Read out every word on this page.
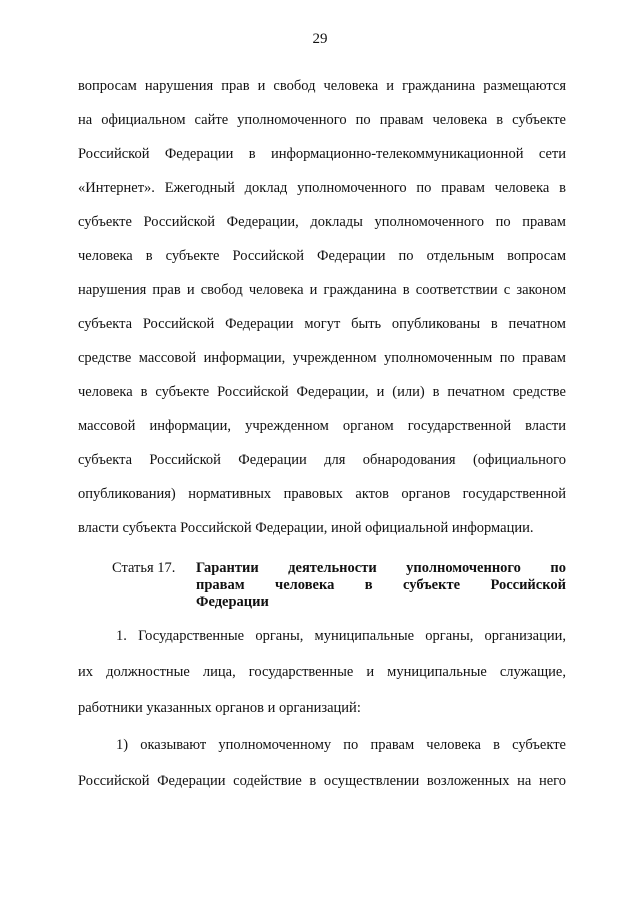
29
вопросам нарушения прав и свобод человека и гражданина размещаются
на официальном сайте уполномоченного по правам человека в субъекте
Российской Федерации в информационно-телекоммуникационной сети
«Интернет». Ежегодный доклад уполномоченного по правам человека в
субъекте Российской Федерации, доклады уполномоченного по правам
человека в субъекте Российской Федерации по отдельным вопросам
нарушения прав и свобод человека и гражданина в соответствии с законом
субъекта Российской Федерации могут быть опубликованы в печатном
средстве массовой информации, учрежденном уполномоченным по правам
человека в субъекте Российской Федерации, и (или) в печатном средстве
массовой информации, учрежденном органом государственной власти
субъекта Российской Федерации для обнародования (официального
опубликования) нормативных правовых актов органов государственной
власти субъекта Российской Федерации, иной официальной информации.
Статья 17. Гарантии деятельности уполномоченного по
правам человека в субъекте Российской
Федерации
1. Государственные органы, муниципальные органы, организации,
их должностные лица, государственные и муниципальные служащие,
работники указанных органов и организаций:
1) оказывают уполномоченному по правам человека в субъекте
Российской Федерации содействие в осуществлении возложенных на него
